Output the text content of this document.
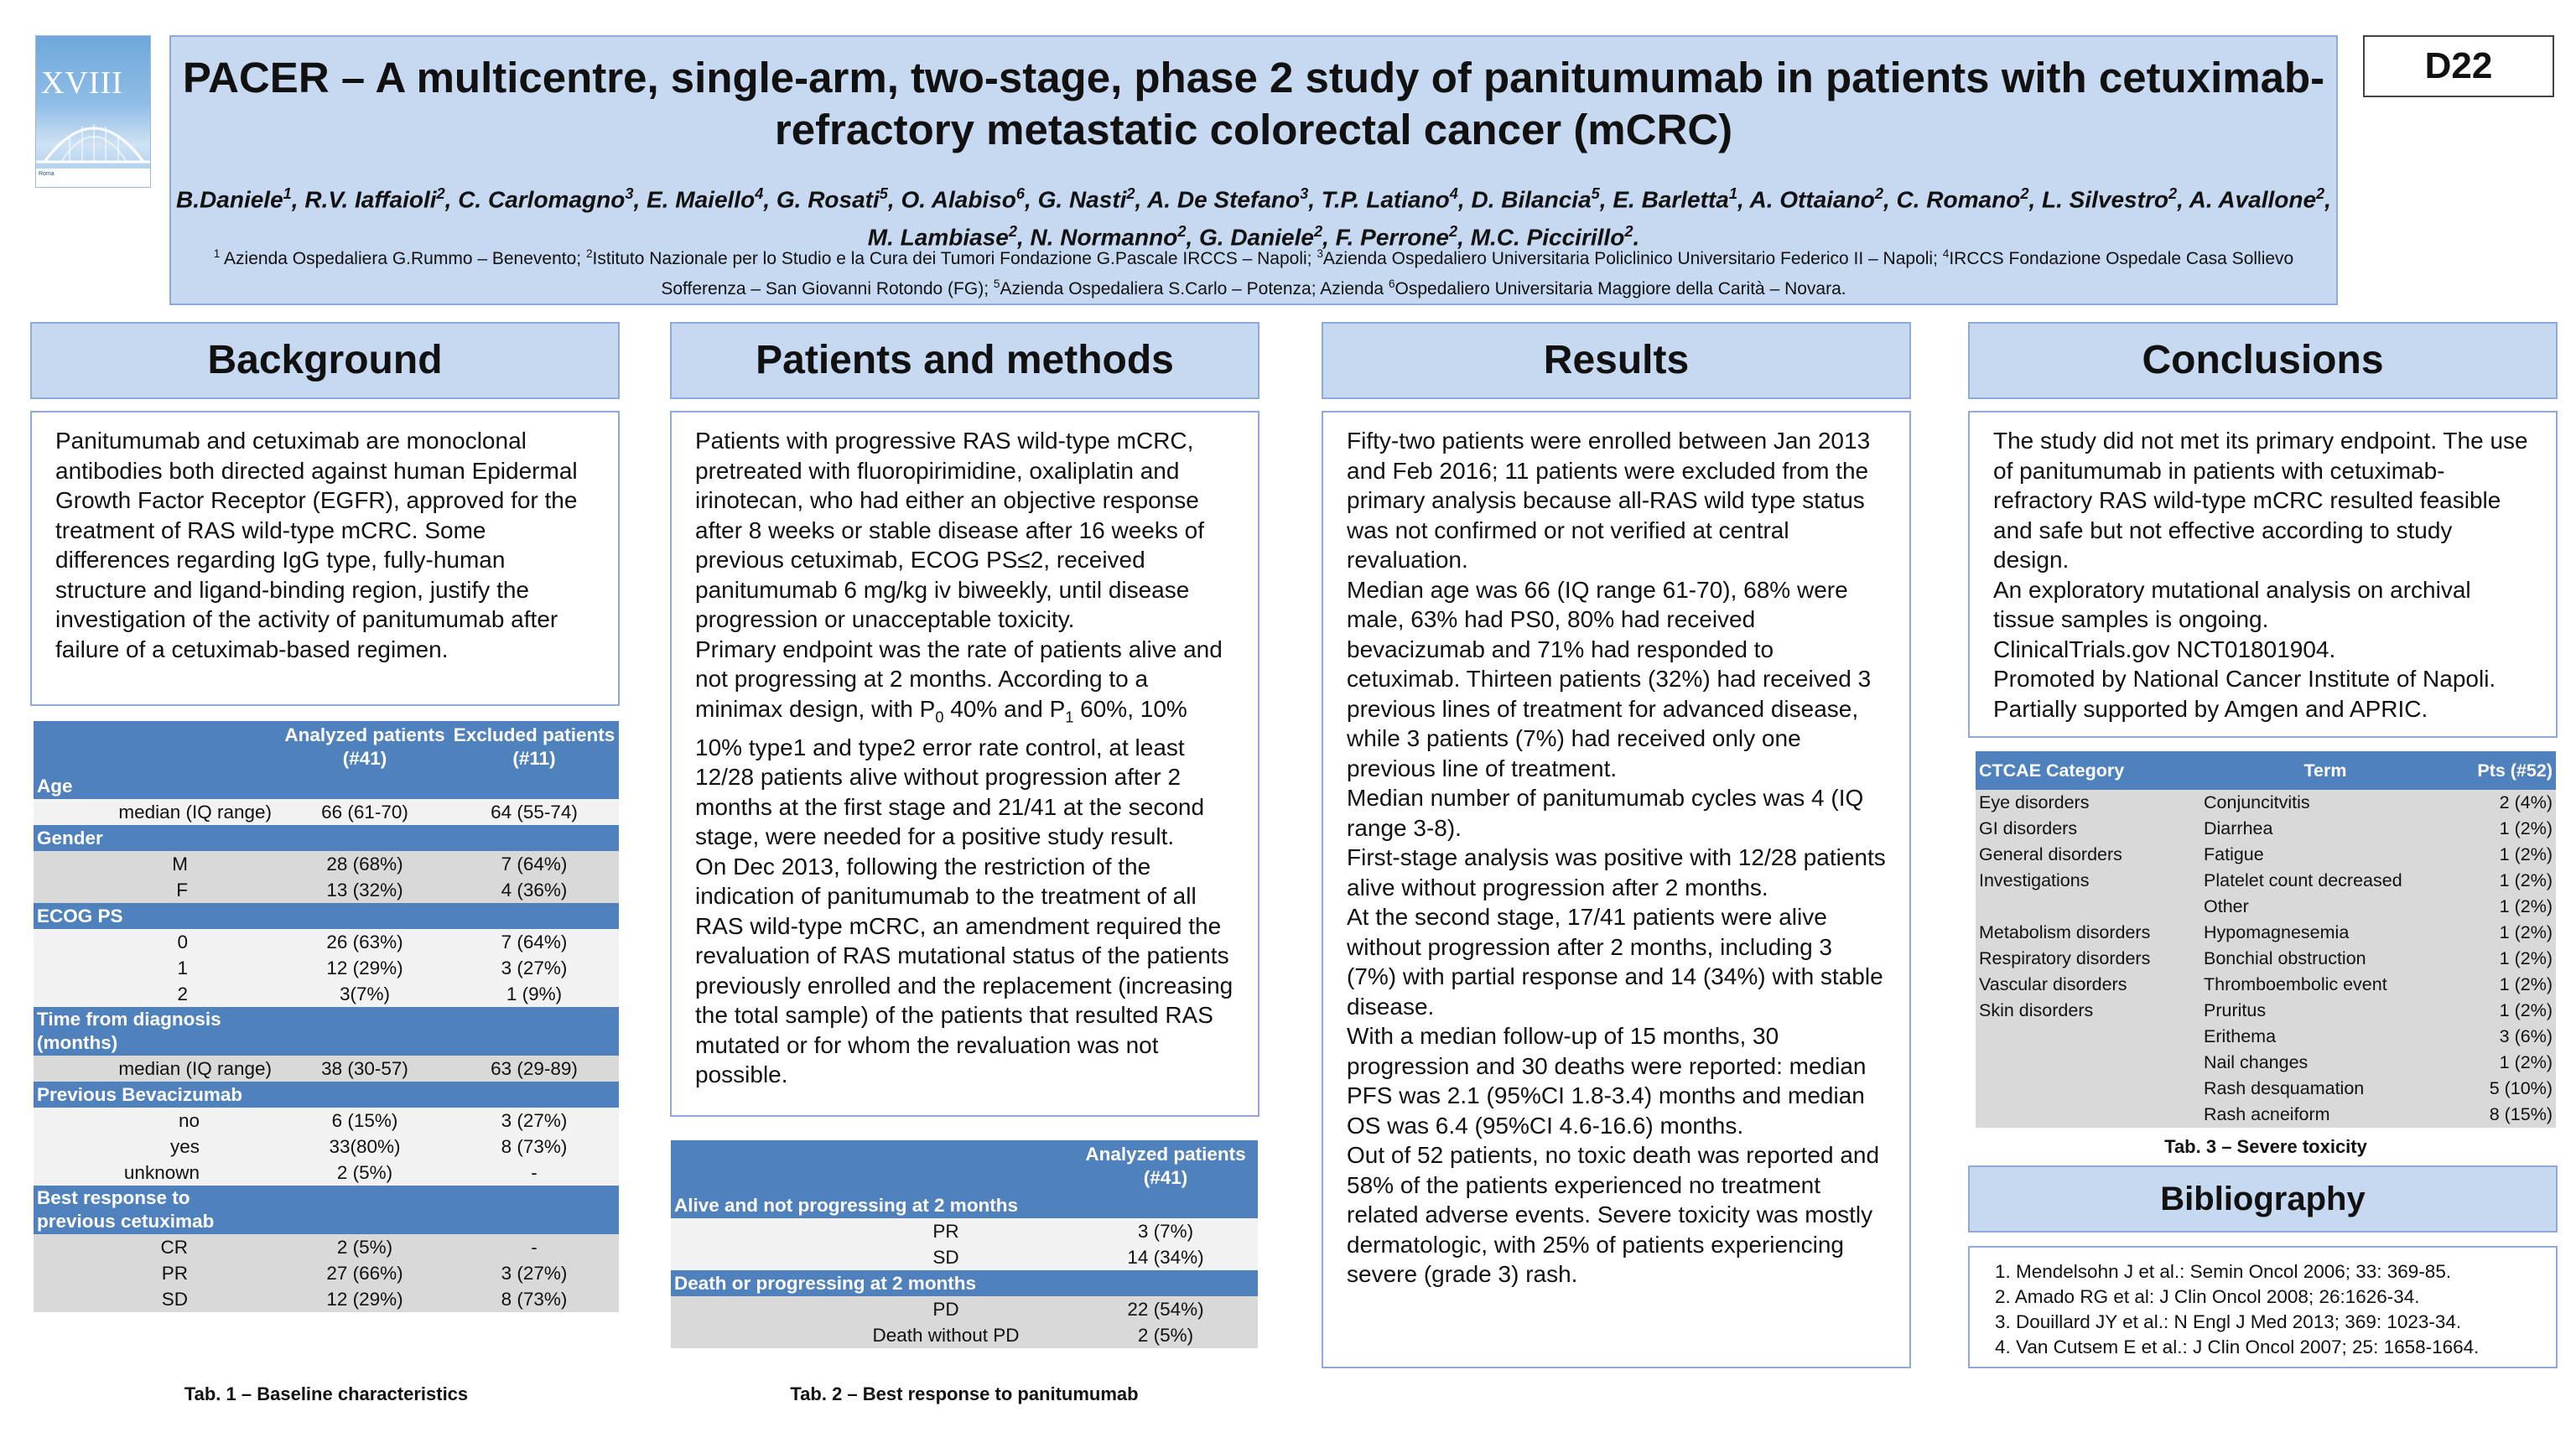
XVIII
Roma
PACER – A multicentre, single-arm, two-stage, phase 2 study of panitumumab in patients with cetuximab-refractory metastatic colorectal cancer (mCRC)
B.Daniele$^1$, R.V. Iaffaioli$^2$, C. Carlomagno$^3$, E. Maiello$^4$, G. Rosati$^5$, O. Alabiso$^6$, G. Nasti$^2$, A. De Stefano$^3$, T.P. Latiano$^4$, D. Bilancia$^5$, E. Barletta$^1$, A. Ottaiano$^2$, C. Romano$^2$, L. Silvestro$^2$, A. Avallone$^2$, M. Lambiase$^2$, N. Normanno$^2$, G. Daniele$^2$, F. Perrone$^2$, M.C. Piccirillo$^2$.
$^1$ Azienda Ospedaliera G.Rummo – Benevento; $^2$Istituto Nazionale per lo Studio e la Cura dei Tumori Fondazione G.Pascale IRCCS – Napoli; $^3$Azienda Ospedaliero Universitaria Policlinico Universitario Federico II – Napoli; $^4$IRCCS Fondazione Ospedale Casa Sollievo Sofferenza – San Giovanni Rotondo (FG); $^5$Azienda Ospedaliera S.Carlo – Potenza; Azienda $^6$Ospedaliero Universitaria Maggiore della Carità – Novara.
D22
Background	Patients and methods	Results	Conclusions

Panitumumab and cetuximab are monoclonal antibodies both directed against human Epidermal Growth Factor Receptor (EGFR), approved for the treatment of RAS wild-type mCRC. Some differences regarding IgG type, fully-human structure and ligand-binding region, justify the investigation of the activity of panitumumab after failure of a cetuximab-based regimen.

Patients with progressive RAS wild-type mCRC, pretreated with fluoropirimidine, oxaliplatin and irinotecan, who had either an objective response after 8 weeks or stable disease after 16 weeks of previous cetuximab, ECOG PS≤2, received panitumumab 6 mg/kg iv biweekly, until disease progression or unacceptable toxicity.

Primary endpoint was the rate of patients alive and not progressing at 2 months. According to a minimax design, with $P_0$ 40% and $P_1$ 60%, 10% 10% type1 and type2 error rate control, at least 12/28 patients alive without progression after 2 months at the first stage and 21/41 at the second stage, were needed for a positive study result.

On Dec 2013, following the restriction of the indication of panitumumab to the treatment of all RAS wild-type mCRC, an amendment required the revaluation of RAS mutational status of the patients previously enrolled and the replacement (increasing the total sample) of the patients that resulted RAS mutated or for whom the revaluation was not possible.

Fifty-two patients were enrolled between Jan 2013 and Feb 2016; 11 patients were excluded from the primary analysis because all-RAS wild type status was not confirmed or not verified at central revaluation.

Median age was 66 (IQ range 61-70), 68% were male, 63% had PS0, 80% had received bevacizumab and 71% had responded to cetuximab. Thirteen patients (32%) had received 3 previous lines of treatment for advanced disease, while 3 patients (7%) had received only one previous line of treatment.

Median number of panitumumab cycles was 4 (IQ range 3-8).

First-stage analysis was positive with 12/28 patients alive without progression after 2 months.

At the second stage, 17/41 patients were alive without progression after 2 months, including 3 (7%) with partial response and 14 (34%) with stable disease.

With a median follow-up of 15 months, 30 progression and 30 deaths were reported: median PFS was 2.1 (95%CI 1.8-3.4) months and median OS was 6.4 (95%CI 4.6-16.6) months.

Out of 52 patients, no toxic death was reported and 58% of the patients experienced no treatment related adverse events. Severe toxicity was mostly dermatologic, with 25% of patients experiencing severe (grade 3) rash.

The study did not met its primary endpoint. The use of panitumumab in patients with cetuximab-refractory RAS wild-type mCRC resulted feasible and safe but not effective according to study design.

An exploratory mutational analysis on archival tissue samples is ongoing.

ClinicalTrials.gov NCT01801904.

Promoted by National Cancer Institute of Napoli.

Partially supported by Amgen and APRIC.

	Analyzed patients (#41)	Excluded patients (#11)
Age		
median (IQ range)	66 (61-70)	64 (55-74)
Gender		
M	28 (68%)	7 (64%)
F	13 (32%)	4 (36%)
ECOG PS		
0	26 (63%)	7 (64%)
1	12 (29%)	3 (27%)
2	3(7%)	1 (9%)
Time from diagnosis (months)		
median (IQ range)	38 (30-57)	63 (29-89)
Previous Bevacizumab		
no	6 (15%)	3 (27%)
yes	33(80%)	8 (73%)
unknown	2 (5%)	-
Best response to previous cetuximab		
CR	2 (5%)	-
PR	27 (66%)	3 (27%)
SD	12 (29%)	8 (73%)
Tab. 1 – Baseline characteristics
	Analyzed patients (#41)
Alive and not progressing at 2 months	
PR	3 (7%)
SD	14 (34%)
Death or progressing at 2 months	
PD	22 (54%)
Death without PD	2 (5%)
Tab. 2 – Best response to panitumumab
CTCAE Category	Term	Pts (#52)
Eye disorders	Conjuncitvitis	2 (4%)
GI disorders	Diarrhea	1 (2%)
General disorders	Fatigue	1 (2%)
Investigations	Platelet count decreased	1 (2%)
	Other	1 (2%)
Metabolism disorders	Hypomagnesemia	1 (2%)
Respiratory disorders	Bonchial obstruction	1 (2%)
Vascular disorders	Thromboembolic event	1 (2%)
Skin disorders	Pruritus	1 (2%)
	Erithema	3 (6%)
	Nail changes	1 (2%)
	Rash desquamation	5 (10%)
	Rash acneiform	8 (15%)
Tab. 3 – Severe toxicity
Bibliography
1. Mendelsohn J et al.: Semin Oncol 2006; 33: 369-85.
2. Amado RG et al: J Clin Oncol 2008; 26:1626-34.
3. Douillard JY et al.: N Engl J Med 2013; 369: 1023-34.
4. Van Cutsem E et al.: J Clin Oncol 2007; 25: 1658-1664.
